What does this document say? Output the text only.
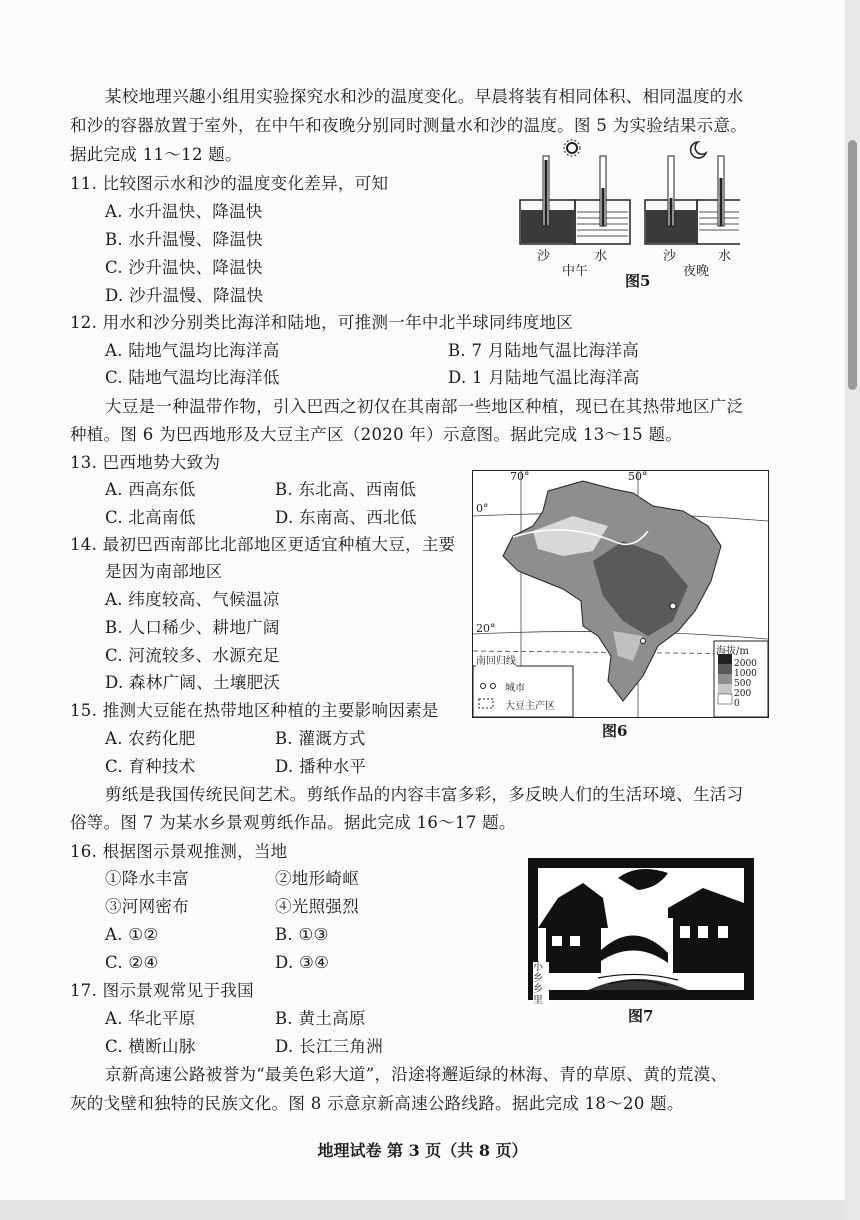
某校地理兴趣小组用实验探究水和沙的温度变化。早晨将装有相同体积、相同温度的水
和沙的容器放置于室外，在中午和夜晚分别同时测量水和沙的温度。图 5 为实验结果示意。
据此完成 11～12 题。
11. 比较图示水和沙的温度变化差异，可知
A. 水升温快、降温快
B. 水升温慢、降温快
C. 沙升温快、降温快
D. 沙升温慢、降温快
12. 用水和沙分别类比海洋和陆地，可推测一年中北半球同纬度地区
A. 陆地气温均比海洋高	B. 7 月陆地气温比海洋高
C. 陆地气温均比海洋低	D. 1 月陆地气温比海洋高
大豆是一种温带作物，引入巴西之初仅在其南部一些地区种植，现已在其热带地区广泛
种植。图 6 为巴西地形及大豆主产区（2020 年）示意图。据此完成 13～15 题。
13. 巴西地势大致为
A. 西高东低	B. 东北高、西南低
C. 北高南低	D. 东南高、西北低
14. 最初巴西南部比北部地区更适宜种植大豆，主要
是因为南部地区
A. 纬度较高、气候温凉
B. 人口稀少、耕地广阔
C. 河流较多、水源充足
D. 森林广阔、土壤肥沃
15. 推测大豆能在热带地区种植的主要影响因素是
A. 农药化肥	B. 灌溉方式
C. 育种技术	D. 播种水平
剪纸是我国传统民间艺术。剪纸作品的内容丰富多彩，多反映人们的生活环境、生活习
俗等。图 7 为某水乡景观剪纸作品。据此完成 16～17 题。
16. 根据图示景观推测，当地
①降水丰富	②地形崎岖
③河网密布	④光照强烈
A. ①②	B. ①③
C. ②④	D. ③④
17. 图示景观常见于我国
A. 华北平原	B. 黄土高原
C. 横断山脉	D. 长江三角洲
京新高速公路被誉为“最美色彩大道”，沿途将邂逅绿的林海、青的草原、黄的荒漠、
灰的戈壁和独特的民族文化。图 8 示意京新高速公路线路。据此完成 18～20 题。
沙	水
中午
沙	水
夜晚
图5
70°	50°
0°
20°
南回归线
海拔/m
2000
1000
500
200
0
城市
大豆主产区
图6
小乡乡里
图7
地理试卷 第 3 页（共 8 页）
